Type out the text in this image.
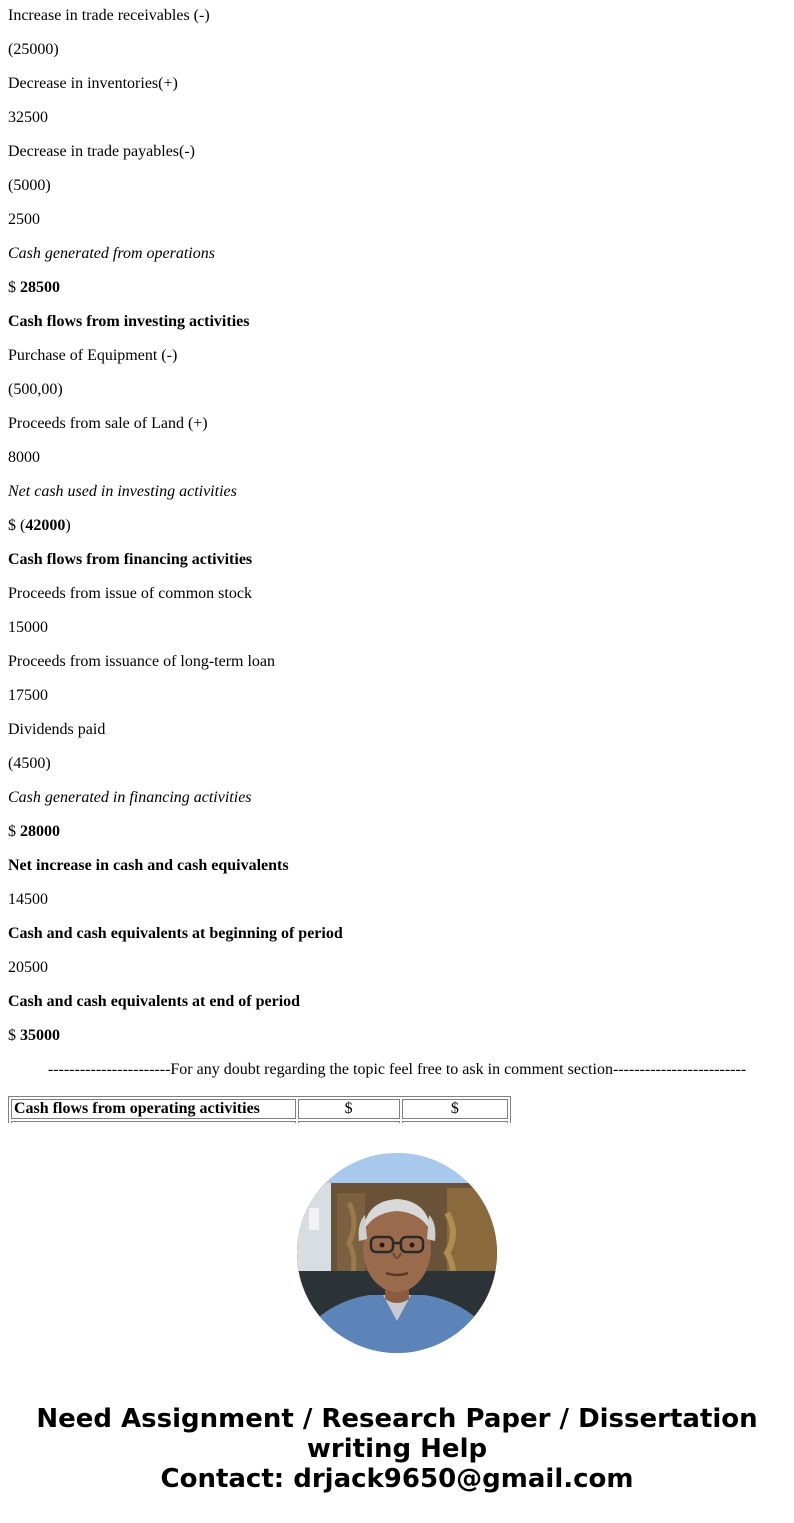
Increase in trade receivables (-)
(25000)
Decrease in inventories(+)
32500
Decrease in trade payables(-)
(5000)
2500
Cash generated from operations
$ 28500
Cash flows from investing activities
Purchase of Equipment (-)
(500,00)
Proceeds from sale of Land (+)
8000
Net cash used in investing activities
$ (42000)
Cash flows from financing activities
Proceeds from issue of common stock
15000
Proceeds from issuance of long-term loan
17500
Dividends paid
(4500)
Cash generated in financing activities
$ 28000
Net increase in cash and cash equivalents
14500
Cash and cash equivalents at beginning of period
20500
Cash and cash equivalents at end of period
$ 35000
-----------------------For any doubt regarding the topic feel free to ask in comment section-------------------------
Cash flows from operating activities	$	$

Need Assignment / Research Paper / Dissertation
writing Help
Contact: drjack9650@gmail.com
